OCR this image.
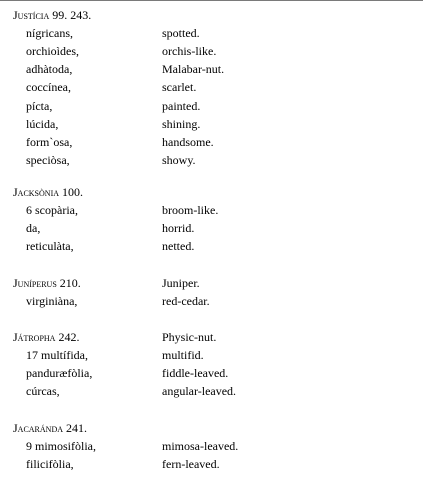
Justícia 99. 243.
nígricans,	spotted.
orchioìdes,	orchis-like.
adhàtoda,	Malabar-nut.
coccínea,	scarlet.
pícta,	painted.
lúcida,	shining.
form`osa,	handsome.
speciòsa,	showy.
Jacksònia 100.
6 scopària,	broom-like.
da,	horrid.
reticulàta,	netted.
Juníperus 210.	Juniper.
virginiàna,	red-cedar.
Játropha 242.	Physic-nut.
17 multífida,	multifid.
panduræfòlia,	fiddle-leaved.
cúrcas,	angular-leaved.
Jacaránda 241.
9 mimosifòlia,	mimosa-leaved.
filicifòlia,	fern-leaved.
